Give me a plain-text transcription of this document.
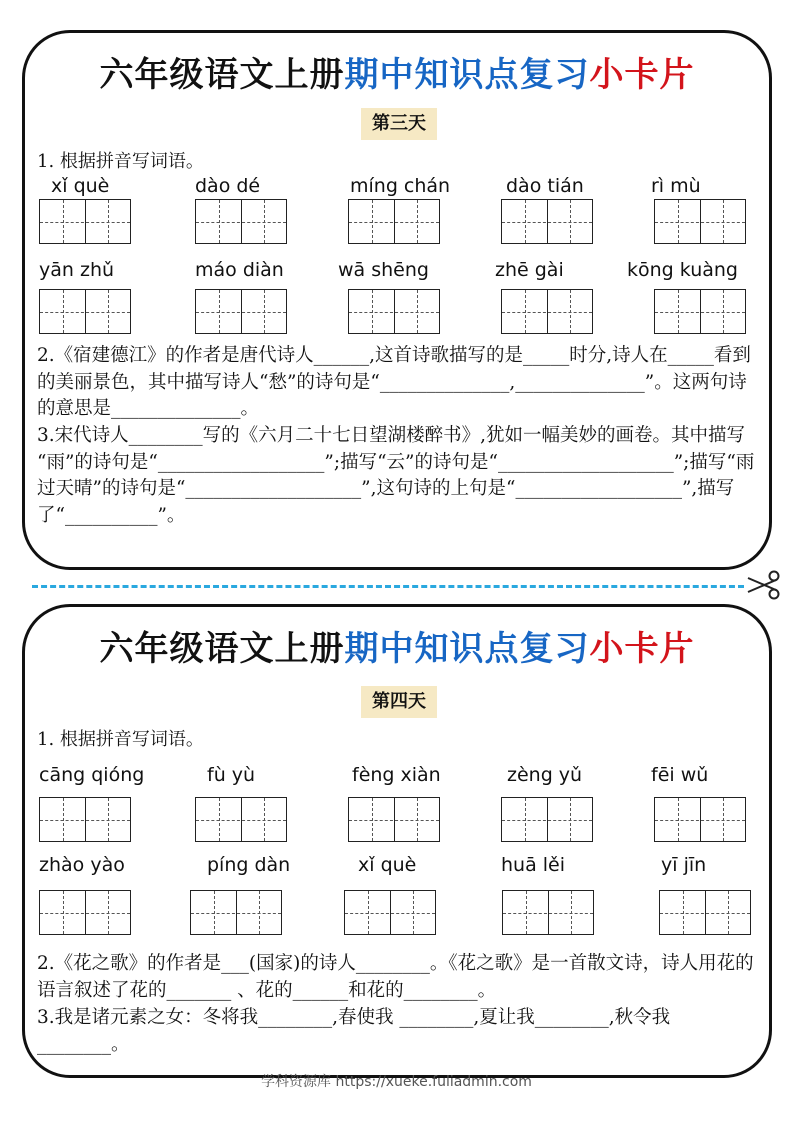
六年级语文上册期中知识点复习小卡片
第三天
1. 根据拼音写词语。
xǐ què	dào dé	míng chán	dào tián	rì mù
yān zhǔ	máo diàn	wā shēng	zhē gài	kōng kuàng
2.《宿建德江》的作者是唐代诗人______,这首诗歌描写的是_____时分,诗人在_____看到的美丽景色，其中描写诗人“愁”的诗句是“______________,______________”。这两句诗的意思是______________。
3.宋代诗人________写的《六月二十七日望湖楼醉书》,犹如一幅美妙的画卷。其中描写 “雨”的诗句是“__________________”;描写“云”的诗句是“___________________”;描写“雨过天晴”的诗句是“___________________”,这句诗的上句是“__________________”,描写了“__________”。
六年级语文上册期中知识点复习小卡片
第四天
1. 根据拼音写词语。
cāng qióng	fù yù	fèng xiàn	zèng yǔ	fēi wǔ
zhào yào	píng dàn	xǐ què	huā lěi	yī jīn
2.《花之歌》的作者是___(国家)的诗人________。《花之歌》是一首散文诗，诗人用花的语言叙述了花的_______ 、花的______和花的________。
3.我是诸元素之女：冬将我________,春使我 ________,夏让我________,秋令我________。
学科资源库 https://xueke.fuliadmin.com
